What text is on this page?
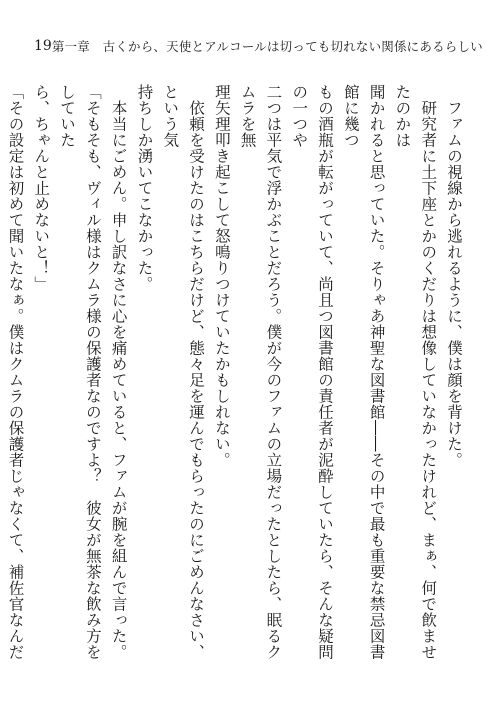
19 第一章　古くから、天使とアルコールは切っても切れない関係にあるらしい

　ファムの視線から逃れるように、僕は顔を背けた。

　研究者に土下座とかのくだりは想像していなかったけれど、まぁ、何で飲ませたのかは

聞かれると思っていた。そりゃあ神聖な図書館――その中で最も重要な禁忌図書館に幾つ

もの酒瓶が転がっていて、尚且つ図書館の責任者が泥酔していたら、そんな疑問の一つや

二つは平気で浮かぶことだろう。僕が今のファムの立場だったとしたら、眠るクムラを無

理矢理叩き起こして怒鳴りつけていたかもしれない。

　依頼を受けたのはこちらだけど、態々足を運んでもらったのにごめんなさい、という気

持ちしか湧いてこなかった。

　本当にごめん。申し訳なさに心を痛めていると、ファムが腕を組んで言った。

「そもそも、ヴィル様はクムラ様の保護者なのですよ？　彼女が無茶な飲み方をしていた

ら、ちゃんと止めないと！」

「その設定は初めて聞いたなぁ。僕はクムラの保護者じゃなくて、補佐官なんだ
